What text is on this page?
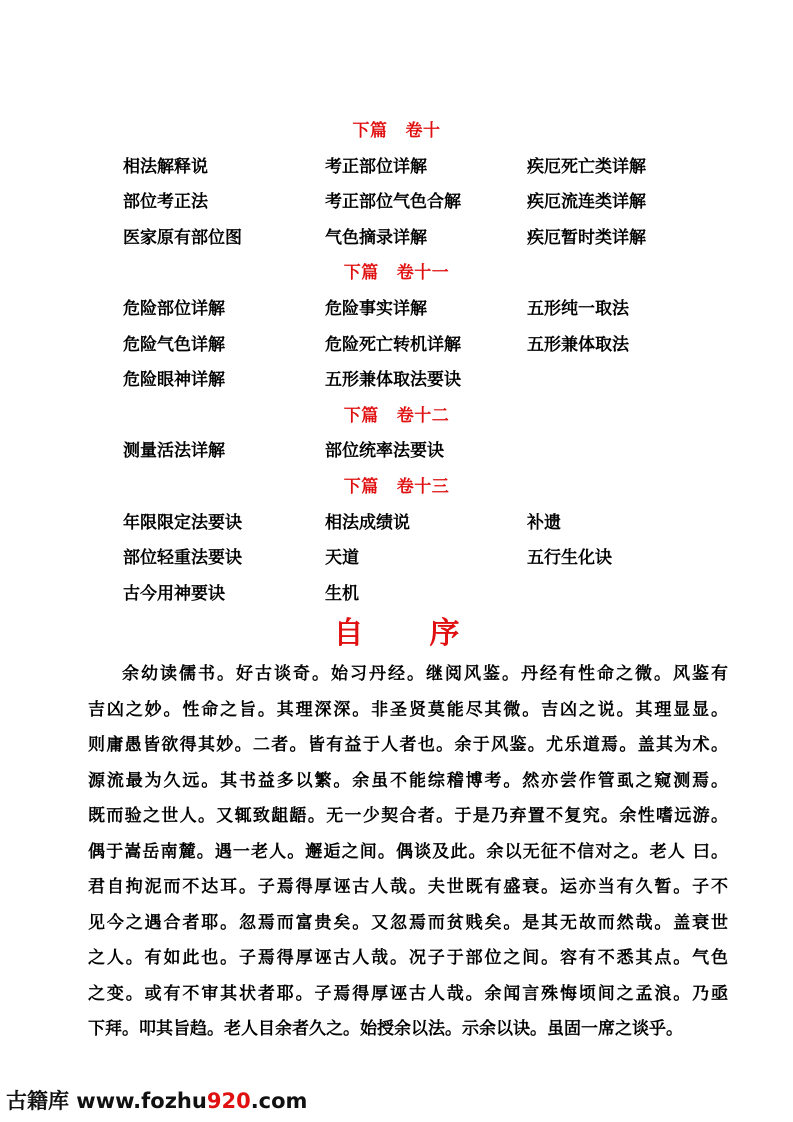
下篇 卷十
相法解释说	考正部位详解	疾厄死亡类详解
部位考正法	考正部位气色合解	疾厄流连类详解
医家原有部位图	气色摘录详解	疾厄暂时类详解
下篇 卷十一
危险部位详解	危险事实详解	五形纯一取法
危险气色详解	危险死亡转机详解	五形兼体取法
危险眼神详解	五形兼体取法要诀
下篇 卷十二
测量活法详解	部位统率法要诀
下篇 卷十三
年限限定法要诀	相法成绩说	补遗
部位轻重法要诀	天道	五行生化诀
古今用神要诀	生机
自 序
余幼读儒书。好古谈奇。始习丹经。继阅风鉴。丹经有性命之微。风鉴有
吉凶之妙。性命之旨。其理深深。非圣贤莫能尽其微。吉凶之说。其理显显。
则庸愚皆欲得其妙。二者。皆有益于人者也。余于风鉴。尤乐道焉。盖其为术。
源流最为久远。其书益多以繁。余虽不能综稽博考。然亦尝作管虱之窥测焉。
既而验之世人。又辄致龃龉。无一少契合者。于是乃弃置不复究。余性嗜远游。
偶于嵩岳南麓。遇一老人。邂逅之间。偶谈及此。余以无征不信对之。老人 曰。
君自拘泥而不达耳。子焉得厚诬古人哉。夫世既有盛衰。运亦当有久暂。子不
见今之遇合者耶。忽焉而富贵矣。又忽焉而贫贱矣。是其无故而然哉。盖衰世
之人。有如此也。子焉得厚诬古人哉。况子于部位之间。容有不悉其点。气色
之变。或有不审其状者耶。子焉得厚诬古人哉。余闻言殊悔顷间之孟浪。乃亟
下拜。叩其旨趋。老人目余者久之。始授余以法。示余以诀。虽固一席之谈乎。
古籍库 www.fozhu920.com
